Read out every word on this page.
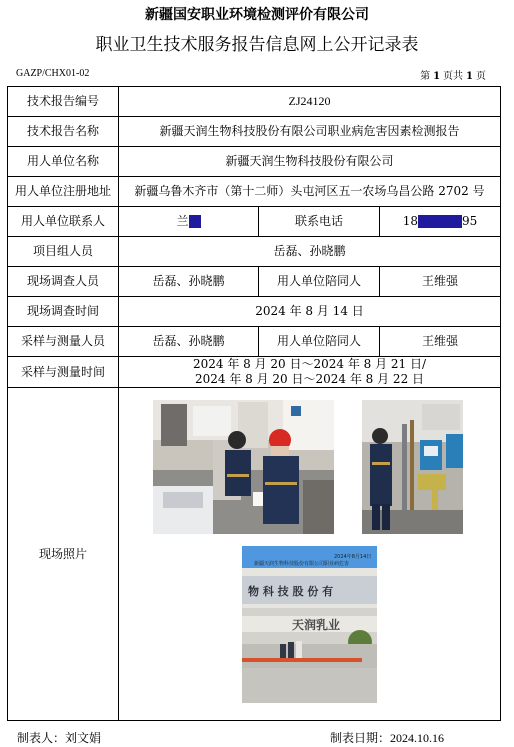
新疆国安职业环境检测评价有限公司
职业卫生技术服务报告信息网上公开记录表
GAZP/CHX01-02	第 1 页共 1 页
技术报告编号	ZJ24120		
技术报告名称	新疆天润生物科技股份有限公司职业病危害因素检测报告		
用人单位名称	新疆天润生物科技股份有限公司		
用人单位注册地址	新疆乌鲁木齐市（第十二师）头屯河区五一农场乌昌公路 2702 号		
用人单位联系人	兰	联系电话	18 95
项目组人员	岳磊、孙晓鹏		
现场调查人员	岳磊、孙晓鹏	用人单位陪同人	王维强
现场调查时间	2024 年 8 月 14 日		
采样与测量人员	岳磊、孙晓鹏	用人单位陪同人	王维强
采样与测量时间	2024 年 8 月 20 日～2024 年 8 月 21 日/
2024 年 8 月 20 日～2024 年 8 月 22 日		

现场照片	2024年8月14日
新疆天润生物科技股份有限公司职业病危害
物 科 技 股 份 有
天润乳业		
制表人：刘文娟	制表日期：2024.10.16
